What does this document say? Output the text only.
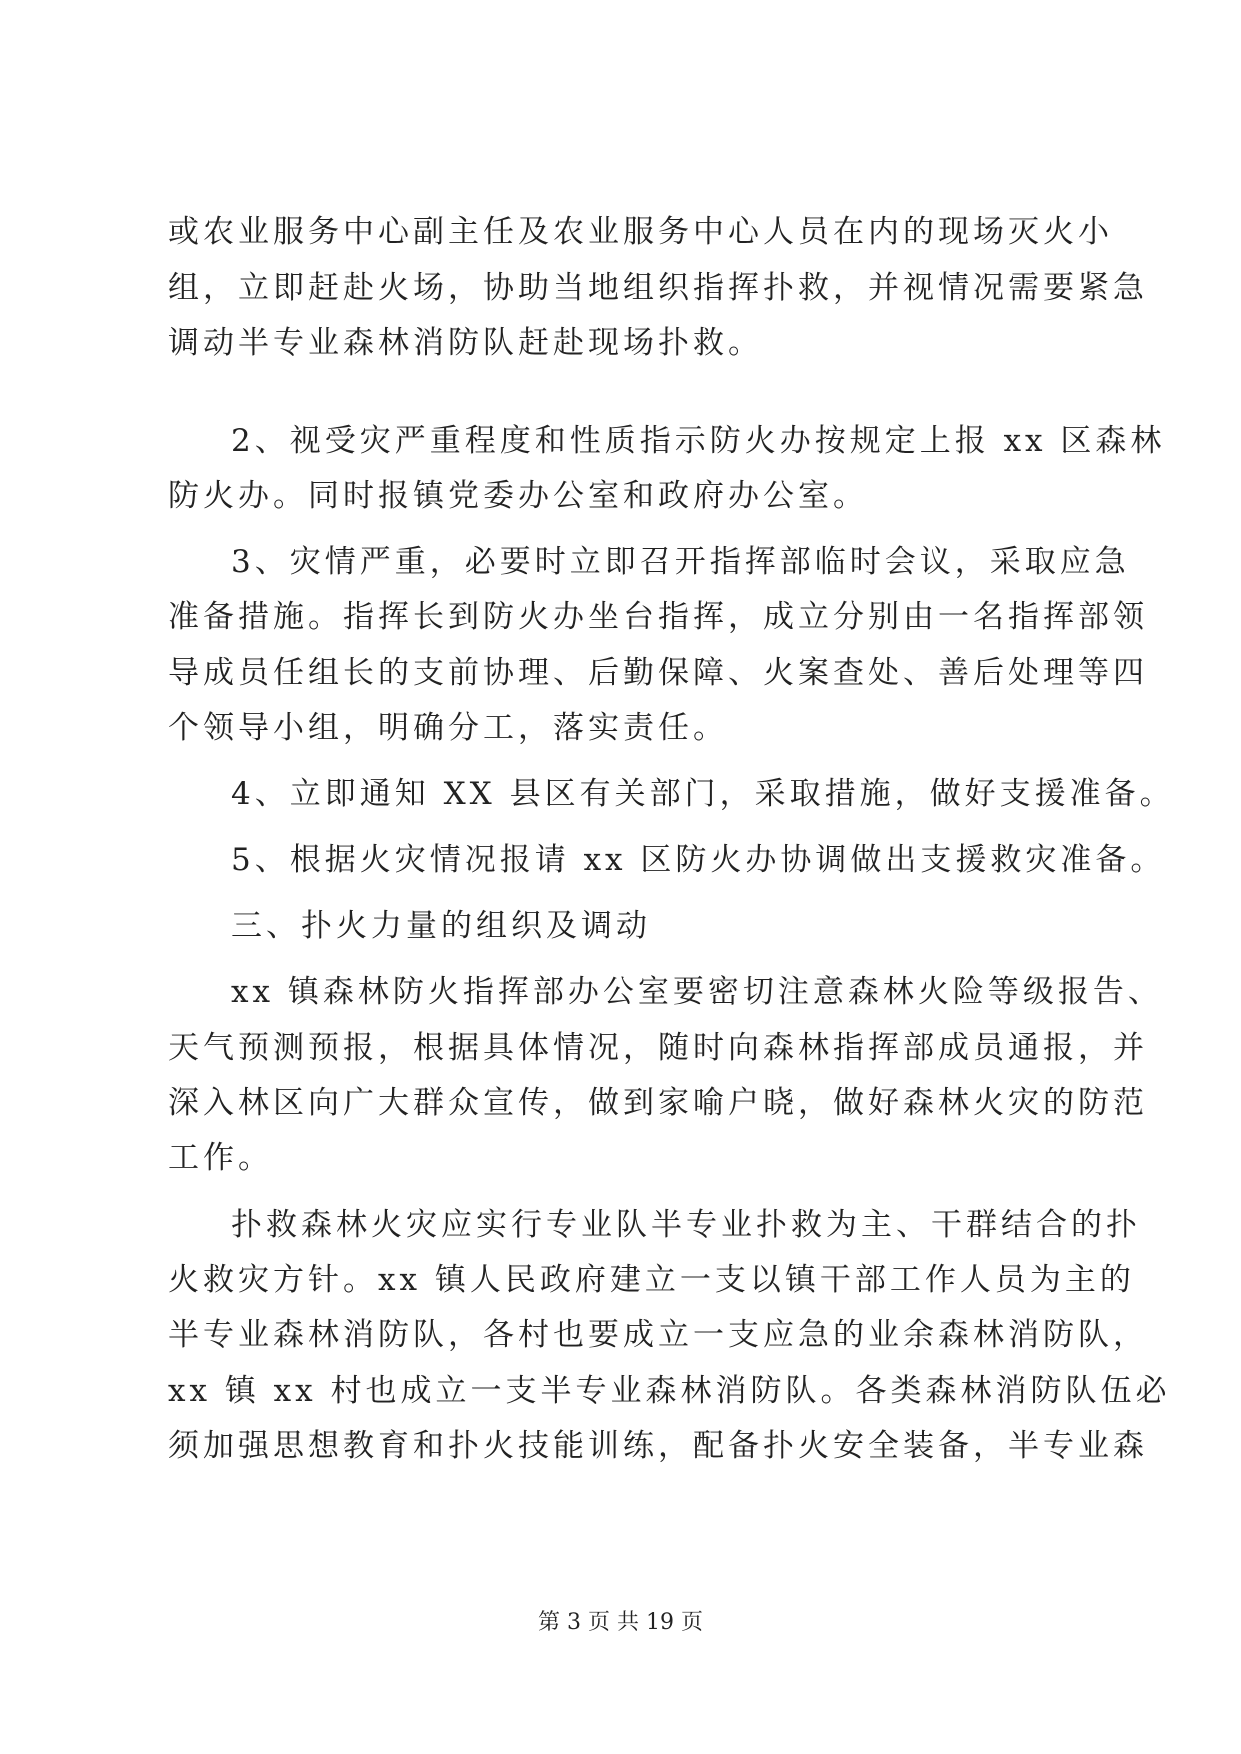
或农业服务中心副主任及农业服务中心人员在内的现场灭火小
组，立即赶赴火场，协助当地组织指挥扑救，并视情况需要紧急
调动半专业森林消防队赶赴现场扑救。
2、视受灾严重程度和性质指示防火办按规定上报 xx 区森林
防火办。同时报镇党委办公室和政府办公室。
3、灾情严重，必要时立即召开指挥部临时会议，采取应急
准备措施。指挥长到防火办坐台指挥，成立分别由一名指挥部领
导成员任组长的支前协理、后勤保障、火案查处、善后处理等四
个领导小组，明确分工，落实责任。
4、立即通知 XX 县区有关部门，采取措施，做好支援准备。
5、根据火灾情况报请 xx 区防火办协调做出支援救灾准备。
三、扑火力量的组织及调动
xx 镇森林防火指挥部办公室要密切注意森林火险等级报告、
天气预测预报，根据具体情况，随时向森林指挥部成员通报，并
深入林区向广大群众宣传，做到家喻户晓，做好森林火灾的防范
工作。
扑救森林火灾应实行专业队半专业扑救为主、干群结合的扑
火救灾方针。xx 镇人民政府建立一支以镇干部工作人员为主的
半专业森林消防队，各村也要成立一支应急的业余森林消防队，
xx 镇 xx 村也成立一支半专业森林消防队。各类森林消防队伍必
须加强思想教育和扑火技能训练，配备扑火安全装备，半专业森
第 3 页 共 19 页
